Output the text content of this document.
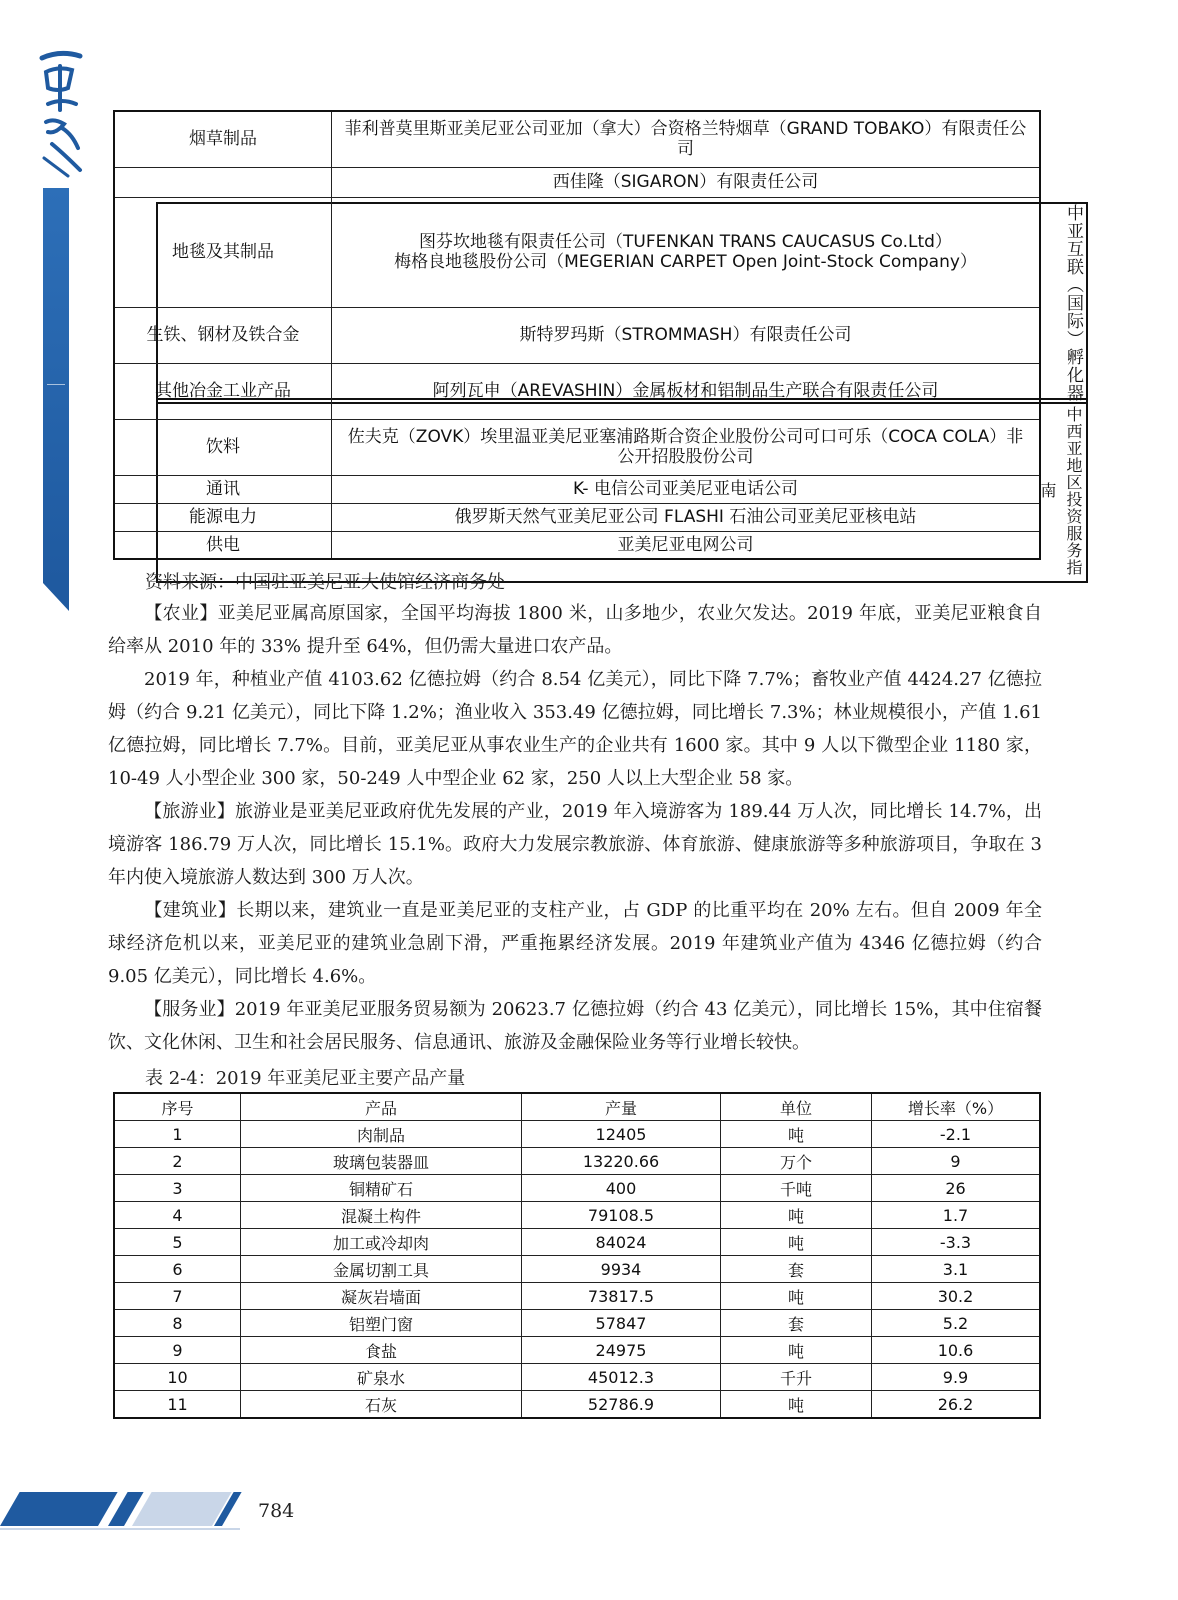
中亚互联（国际）孵化器
中西亚地区投资服务指南
烟草制品	菲利普莫里斯亚美尼亚公司亚加（拿大）合资格兰特烟草（GRAND TOBAKO）有限责任公司
	西佳隆（SIGARON）有限责任公司
地毯及其制品	图芬坎地毯有限责任公司（TUFENKAN TRANS CAUCASUS Co.Ltd）
梅格良地毯股份公司（MEGERIAN CARPET Open Joint-Stock Company）

生铁、钢材及铁合金	斯特罗玛斯（STROMMASH）有限责任公司
其他冶金工业产品	阿列瓦申（AREVASHIN）金属板材和铝制品生产联合有限责任公司
饮料	佐夫克（ZOVK）埃里温亚美尼亚塞浦路斯合资企业股份公司可口可乐（COCA COLA）非公开招股股份公司
通讯	K- 电信公司亚美尼亚电话公司
能源电力	俄罗斯天然气亚美尼亚公司 FLASHI 石油公司亚美尼亚核电站
供电	亚美尼亚电网公司
资料来源：中国驻亚美尼亚大使馆经济商务处

【农业】亚美尼亚属高原国家，全国平均海拔 1800 米，山多地少，农业欠发达。2019 年底，亚美尼亚粮食自给率从 2010 年的 33% 提升至 64%，但仍需大量进口农产品。

2019 年，种植业产值 4103.62 亿德拉姆（约合 8.54 亿美元），同比下降 7.7%；畜牧业产值 4424.27 亿德拉姆（约合 9.21 亿美元），同比下降 1.2%；渔业收入 353.49 亿德拉姆，同比增长 7.3%；林业规模很小，产值 1.61 亿德拉姆，同比增长 7.7%。目前，亚美尼亚从事农业生产的企业共有 1600 家。其中 9 人以下微型企业 1180 家，10-49 人小型企业 300 家，50-249 人中型企业 62 家，250 人以上大型企业 58 家。

【旅游业】旅游业是亚美尼亚政府优先发展的产业，2019 年入境游客为 189.44 万人次，同比增长 14.7%，出境游客 186.79 万人次，同比增长 15.1%。政府大力发展宗教旅游、体育旅游、健康旅游等多种旅游项目，争取在 3 年内使入境旅游人数达到 300 万人次。

【建筑业】长期以来，建筑业一直是亚美尼亚的支柱产业，占 GDP 的比重平均在 20% 左右。但自 2009 年全球经济危机以来，亚美尼亚的建筑业急剧下滑，严重拖累经济发展。2019 年建筑业产值为 4346 亿德拉姆（约合 9.05 亿美元），同比增长 4.6%。

【服务业】2019 年亚美尼亚服务贸易额为 20623.7 亿德拉姆（约合 43 亿美元），同比增长 15%，其中住宿餐饮、文化休闲、卫生和社会居民服务、信息通讯、旅游及金融保险业务等行业增长较快。

表 2-4：2019 年亚美尼亚主要产品产量
序号	产品	产量	单位	增长率（%）
1	肉制品	12405	吨	-2.1
2	玻璃包装器皿	13220.66	万个	9
3	铜精矿石	400	千吨	26
4	混凝土构件	79108.5	吨	1.7
5	加工或冷却肉	84024	吨	-3.3
6	金属切割工具	9934	套	3.1
7	凝灰岩墙面	73817.5	吨	30.2
8	铝塑门窗	57847	套	5.2
9	食盐	24975	吨	10.6
10	矿泉水	45012.3	千升	9.9
11	石灰	52786.9	吨	26.2
784
